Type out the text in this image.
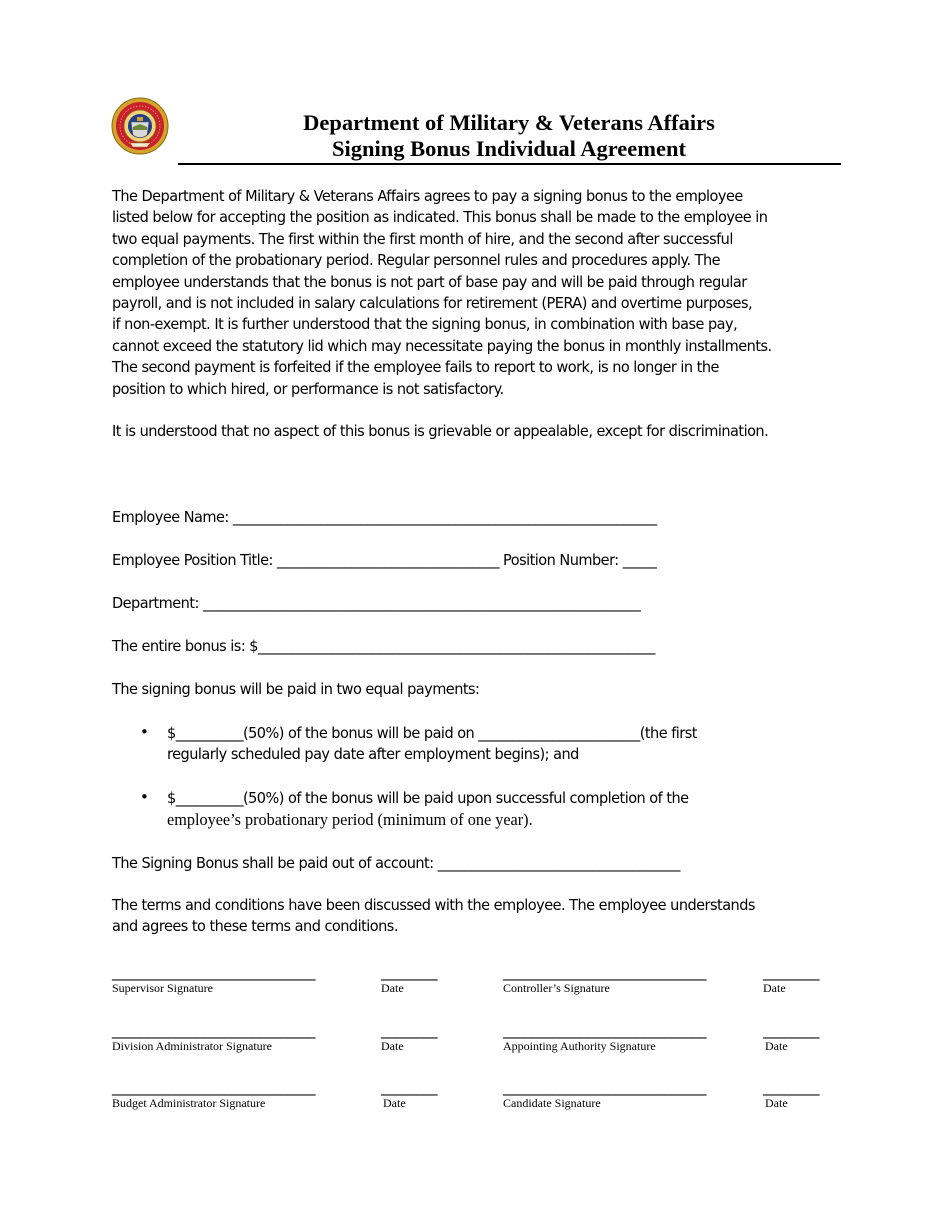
Department of Military & Veterans Affairs
Signing Bonus Individual Agreement
The Department of Military & Veterans Affairs agrees to pay a signing bonus to the employee
listed below for accepting the position as indicated. This bonus shall be made to the employee in
two equal payments. The first within the first month of hire, and the second after successful
completion of the probationary period. Regular personnel rules and procedures apply. The
employee understands that the bonus is not part of base pay and will be paid through regular
payroll, and is not included in salary calculations for retirement (PERA) and overtime purposes,
if non-exempt. It is further understood that the signing bonus, in combination with base pay,
cannot exceed the statutory lid which may necessitate paying the bonus in monthly installments.
The second payment is forfeited if the employee fails to report to work, is no longer in the
position to which hired, or performance is not satisfactory.
It is understood that no aspect of this bonus is grievable or appealable, except for discrimination.
Employee Name: _______________________________________________________________
Employee Position Title: _________________________________ Position Number: _____
Department: _________________________________________________________________
The entire bonus is: $___________________________________________________________
The signing bonus will be paid in two equal payments:
• $__________(50%) of the bonus will be paid on ________________________(the first
regularly scheduled pay date after employment begins); and
• $__________(50%) of the bonus will be paid upon successful completion of the
employee’s probationary period (minimum of one year).
The Signing Bonus shall be paid out of account: ____________________________________
The terms and conditions have been discussed with the employee. The employee understands
and agrees to these terms and conditions.
_____________________________	________	_____________________________	________
Supervisor Signature	Date	Controller’s Signature	Date
_____________________________	________	_____________________________	________
Division Administrator Signature	Date	Appointing Authority Signature	Date
_____________________________	________	_____________________________	________
Budget Administrator Signature	Date	Candidate Signature	Date
